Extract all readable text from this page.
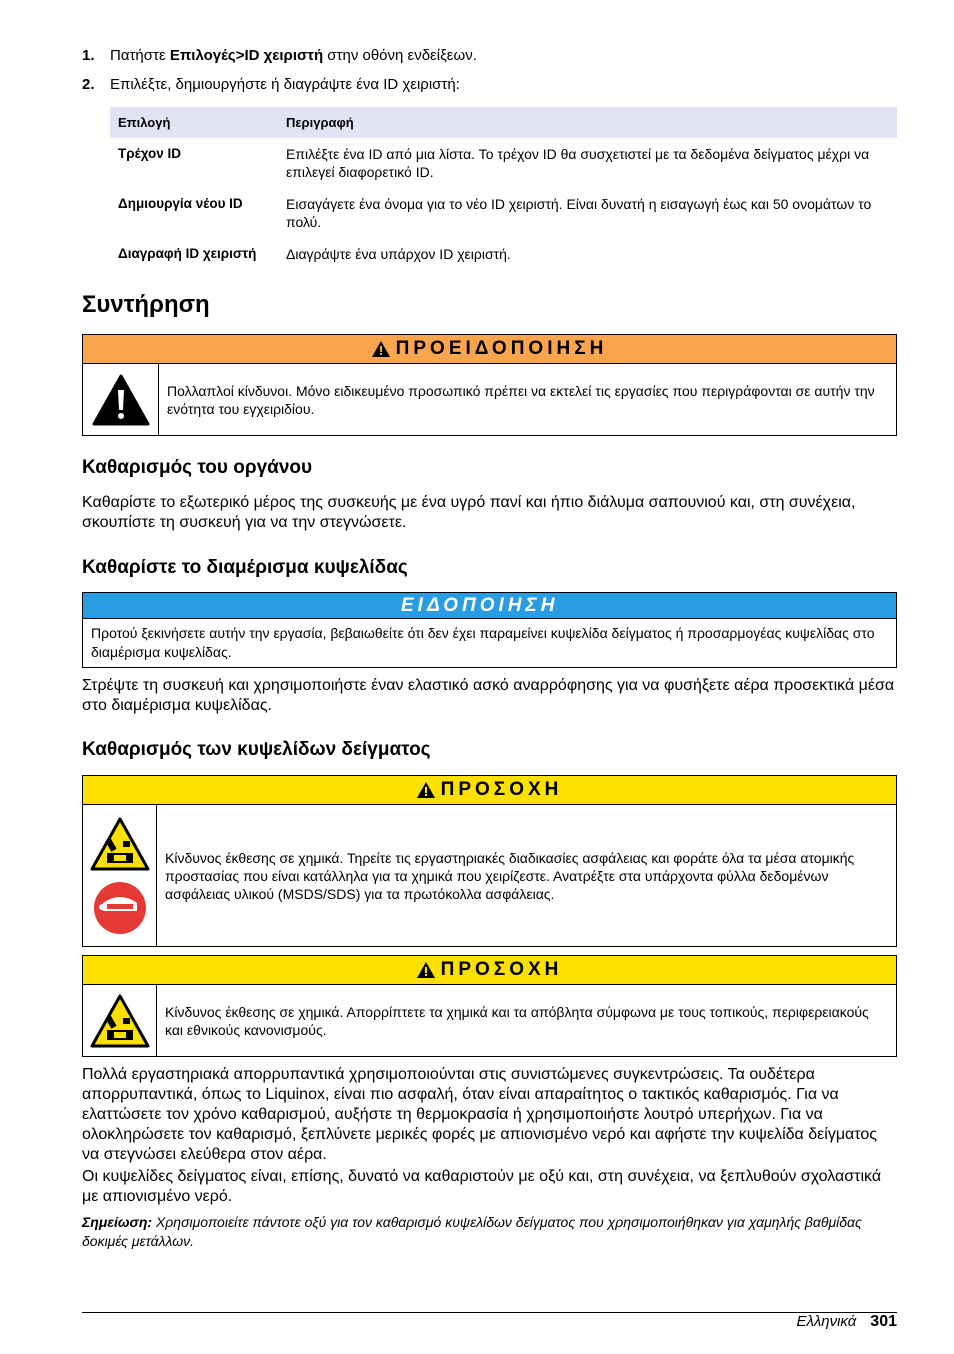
1. Πατήστε Επιλογές>ID χειριστή στην οθόνη ενδείξεων.
2. Επιλέξτε, δημιουργήστε ή διαγράψτε ένα ID χειριστή:
Επιλογή	Περιγραφή
Τρέχον ID	Επιλέξτε ένα ID από μια λίστα. Το τρέχον ID θα συσχετιστεί με τα δεδομένα δείγματος μέχρι να επιλεγεί διαφορετικό ID.
Δημιουργία νέου ID	Εισαγάγετε ένα όνομα για το νέο ID χειριστή. Είναι δυνατή η εισαγωγή έως και 50 ονομάτων το πολύ.
Διαγραφή ID χειριστή	Διαγράψτε ένα υπάρχον ID χειριστή.
Συντήρηση
ΠΡΟΕΙΔΟΠΟΙΗΣΗ
Πολλαπλοί κίνδυνοι. Μόνο ειδικευμένο προσωπικό πρέπει να εκτελεί τις εργασίες που περιγράφονται σε αυτήν την ενότητα του εγχειριδίου.
Καθαρισμός του οργάνου

Καθαρίστε το εξωτερικό μέρος της συσκευής με ένα υγρό πανί και ήπιο διάλυμα σαπουνιού και, στη συνέχεια, σκουπίστε τη συσκευή για να την στεγνώσετε.

Καθαρίστε το διαμέρισμα κυψελίδας
ΕΙΔΟΠΟΙΗΣΗ
Προτού ξεκινήσετε αυτήν την εργασία, βεβαιωθείτε ότι δεν έχει παραμείνει κυψελίδα δείγματος ή προσαρμογέας κυψελίδας στο διαμέρισμα κυψελίδας.

Στρέψτε τη συσκευή και χρησιμοποιήστε έναν ελαστικό ασκό αναρρόφησης για να φυσήξετε αέρα προσεκτικά μέσα στο διαμέρισμα κυψελίδας.

Καθαρισμός των κυψελίδων δείγματος
ΠΡΟΣΟΧΗ
Κίνδυνος έκθεσης σε χημικά. Τηρείτε τις εργαστηριακές διαδικασίες ασφάλειας και φοράτε όλα τα μέσα ατομικής προστασίας που είναι κατάλληλα για τα χημικά που χειρίζεστε. Ανατρέξτε στα υπάρχοντα φύλλα δεδομένων ασφάλειας υλικού (MSDS/SDS) για τα πρωτόκολλα ασφάλειας.
ΠΡΟΣΟΧΗ
Κίνδυνος έκθεσης σε χημικά. Απορρίπτετε τα χημικά και τα απόβλητα σύμφωνα με τους τοπικούς, περιφερειακούς και εθνικούς κανονισμούς.

Πολλά εργαστηριακά απορρυπαντικά χρησιμοποιούνται στις συνιστώμενες συγκεντρώσεις. Τα ουδέτερα απορρυπαντικά, όπως το Liquinox, είναι πιο ασφαλή, όταν είναι απαραίτητος ο τακτικός καθαρισμός. Για να ελαττώσετε τον χρόνο καθαρισμού, αυξήστε τη θερμοκρασία ή χρησιμοποιήστε λουτρό υπερήχων. Για να ολοκληρώσετε τον καθαρισμό, ξεπλύνετε μερικές φορές με απιονισμένο νερό και αφήστε την κυψελίδα δείγματος να στεγνώσει ελεύθερα στον αέρα.

Οι κυψελίδες δείγματος είναι, επίσης, δυνατό να καθαριστούν με οξύ και, στη συνέχεια, να ξεπλυθούν σχολαστικά με απιονισμένο νερό.

Σημείωση: Χρησιμοποιείτε πάντοτε οξύ για τον καθαρισμό κυψελίδων δείγματος που χρησιμοποιήθηκαν για χαμηλής βαθμίδας δοκιμές μετάλλων.
Ελληνικά 301
